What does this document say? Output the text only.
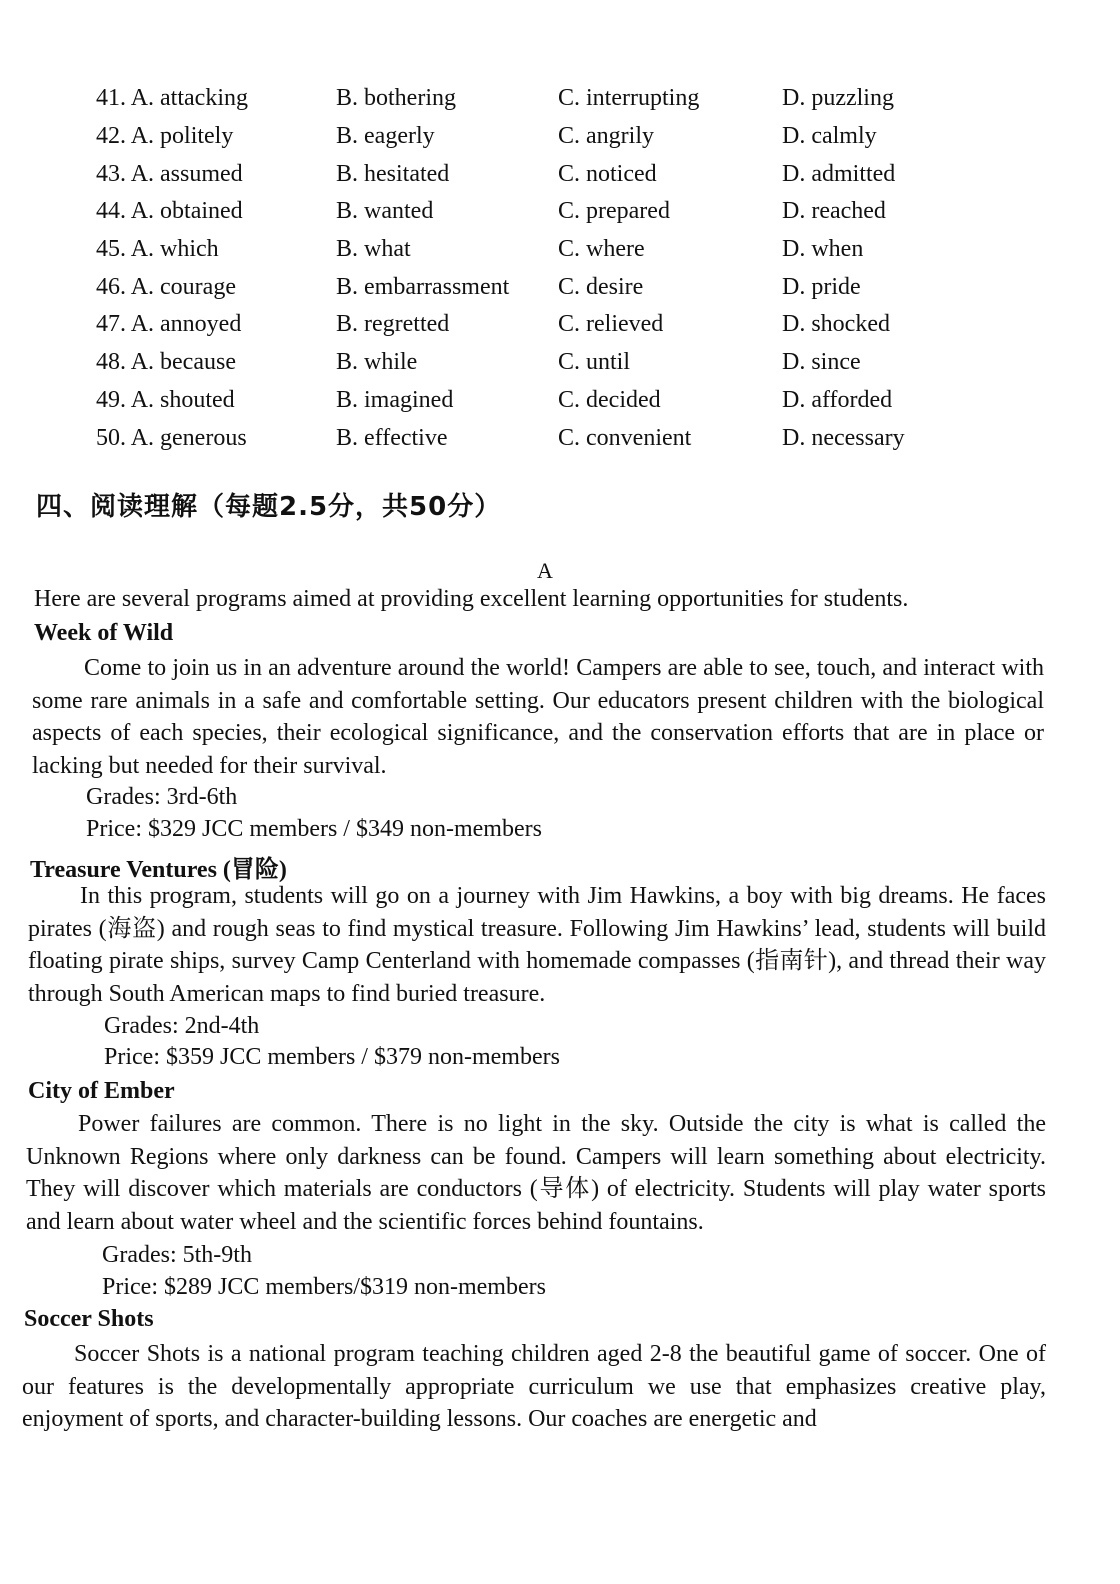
41. A. attacking	B. bothering	C. interrupting	D. puzzling
42. A. politely	B. eagerly	C. angrily	D. calmly
43. A. assumed	B. hesitated	C. noticed	D. admitted
44. A. obtained	B. wanted	C. prepared	D. reached
45. A. which	B. what	C. where	D. when
46. A. courage	B. embarrassment	C. desire	D. pride
47. A. annoyed	B. regretted	C. relieved	D. shocked
48. A. because	B. while	C. until	D. since
49. A. shouted	B. imagined	C. decided	D. afforded
50. A. generous	B. effective	C. convenient	D. necessary
四、阅读理解（每题2.5分，共50分）
A
Here are several programs aimed at providing excellent learning opportunities for students.
Week of Wild
Come to join us in an adventure around the world! Campers are able to see, touch, and interact with some rare animals in a safe and comfortable setting. Our educators present children with the biological aspects of each species, their ecological significance, and the conservation efforts that are in place or lacking but needed for their survival.
Grades: 3rd-6th
Price: $329 JCC members / $349 non-members
Treasure Ventures (冒险)
In this program, students will go on a journey with Jim Hawkins, a boy with big dreams. He faces pirates (海盗) and rough seas to find mystical treasure. Following Jim Hawkins’ lead, students will build floating pirate ships, survey Camp Centerland with homemade compasses (指南针), and thread their way through South American maps to find buried treasure.
Grades: 2nd-4th
Price: $359 JCC members / $379 non-members
City of Ember
Power failures are common. There is no light in the sky. Outside the city is what is called the Unknown Regions where only darkness can be found. Campers will learn something about electricity. They will discover which materials are conductors (导体) of electricity. Students will play water sports and learn about water wheel and the scientific forces behind fountains.
Grades: 5th-9th
Price: $289 JCC members/$319 non-members
Soccer Shots
Soccer Shots is a national program teaching children aged 2-8 the beautiful game of soccer. One of our features is the developmentally appropriate curriculum we use that emphasizes creative play, enjoyment of sports, and character-building lessons. Our coaches are energetic and
